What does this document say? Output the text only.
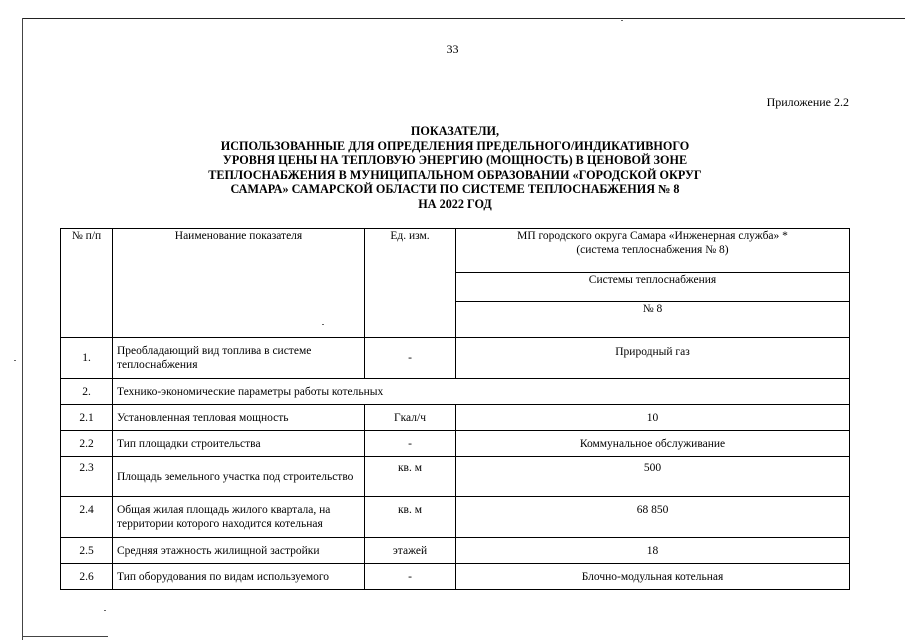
33
Приложение 2.2
ПОКАЗАТЕЛИ,
ИСПОЛЬЗОВАННЫЕ ДЛЯ ОПРЕДЕЛЕНИЯ ПРЕДЕЛЬНОГО/ИНДИКАТИВНОГО
УРОВНЯ ЦЕНЫ НА ТЕПЛОВУЮ ЭНЕРГИЮ (МОЩНОСТЬ) В ЦЕНОВОЙ ЗОНЕ
ТЕПЛОСНАБЖЕНИЯ В МУНИЦИПАЛЬНОМ ОБРАЗОВАНИИ «ГОРОДСКОЙ ОКРУГ
САМАРА» САМАРСКОЙ ОБЛАСТИ ПО СИСТЕМЕ ТЕПЛОСНАБЖЕНИЯ № 8
НА 2022 ГОД
№ п/п	Наименование показателя	Ед. изм.	МП городского округа Самара «Инженерная служба» *
(система теплоснабжения № 8)

			Системы теплоснабжения
			№ 8
1.	Преобладающий вид топлива в системе теплоснабжения	-	Природный газ
2.	Технико-экономические параметры работы котельных		
2.1	Установленная тепловая мощность	Гкал/ч	10
2.2	Тип площадки строительства	-	Коммунальное обслуживание
2.3	Площадь земельного участка под строительство	кв. м	500
2.4	Общая жилая площадь жилого квартала, на территории которого находится котельная	кв. м	68 850
2.5	Средняя этажность жилищной застройки	этажей	18
2.6	Тип оборудования по видам используемого	-	Блочно-модульная котельная
